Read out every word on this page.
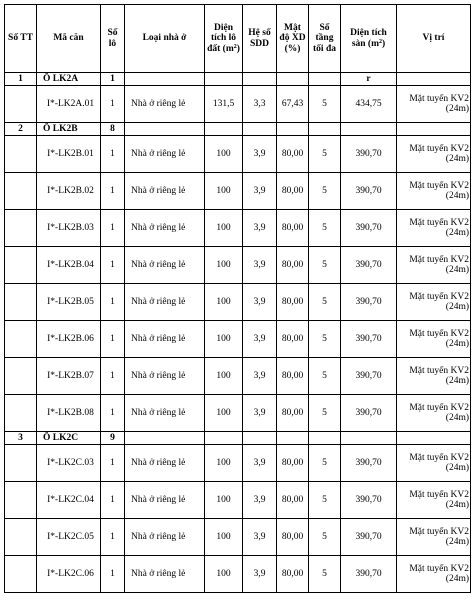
Số TT	Mã căn	Số lô	Loại nhà ở	Diện tích lô đất $(m^2)$	Hệ số SDD	Mật độ XD (%)	Số tầng tối đa	Diện tích sàn $(m^2)$	Vị trí
1	Ô LK2A	1						r	
	I*-LK2A.01	1	Nhà ở riêng lẻ	131,5	3,3	67,43	5	434,75	Mặt tuyến KV2 (24m)
2	Ô LK2B	8							
	I*-LK2B.01	1	Nhà ở riêng lẻ	100	3,9	80,00	5	390,70	Mặt tuyến KV2 (24m)
	I*-LK2B.02	1	Nhà ở riêng lẻ	100	3,9	80,00	5	390,70	Mặt tuyến KV2 (24m)
	I*-LK2B.03	1	Nhà ở riêng lẻ	100	3,9	80,00	5	390,70	Mặt tuyến KV2 (24m)
	I*-LK2B.04	1	Nhà ở riêng lẻ	100	3,9	80,00	5	390,70	Mặt tuyến KV2 (24m)
	I*-LK2B.05	1	Nhà ở riêng lẻ	100	3,9	80,00	5	390,70	Mặt tuyến KV2 (24m)
	I*-LK2B.06	1	Nhà ở riêng lẻ	100	3,9	80,00	5	390,70	Mặt tuyến KV2 (24m)
	I*-LK2B.07	1	Nhà ở riêng lẻ	100	3,9	80,00	5	390,70	Mặt tuyến KV2 (24m)
	I*-LK2B.08	1	Nhà ở riêng lẻ	100	3,9	80,00	5	390,70	Mặt tuyến KV2 (24m)
3	Ô LK2C	9							
	I*-LK2C.03	1	Nhà ở riêng lẻ	100	3,9	80,00	5	390,70	Mặt tuyến KV2 (24m)
	I*-LK2C.04	1	Nhà ở riêng lẻ	100	3,9	80,00	5	390,70	Mặt tuyến KV2 (24m)
	I*-LK2C.05	1	Nhà ở riêng lẻ	100	3,9	80,00	5	390,70	Mặt tuyến KV2 (24m)
	I*-LK2C.06	1	Nhà ở riêng lẻ	100	3,9	80,00	5	390,70	Mặt tuyến KV2 (24m)
